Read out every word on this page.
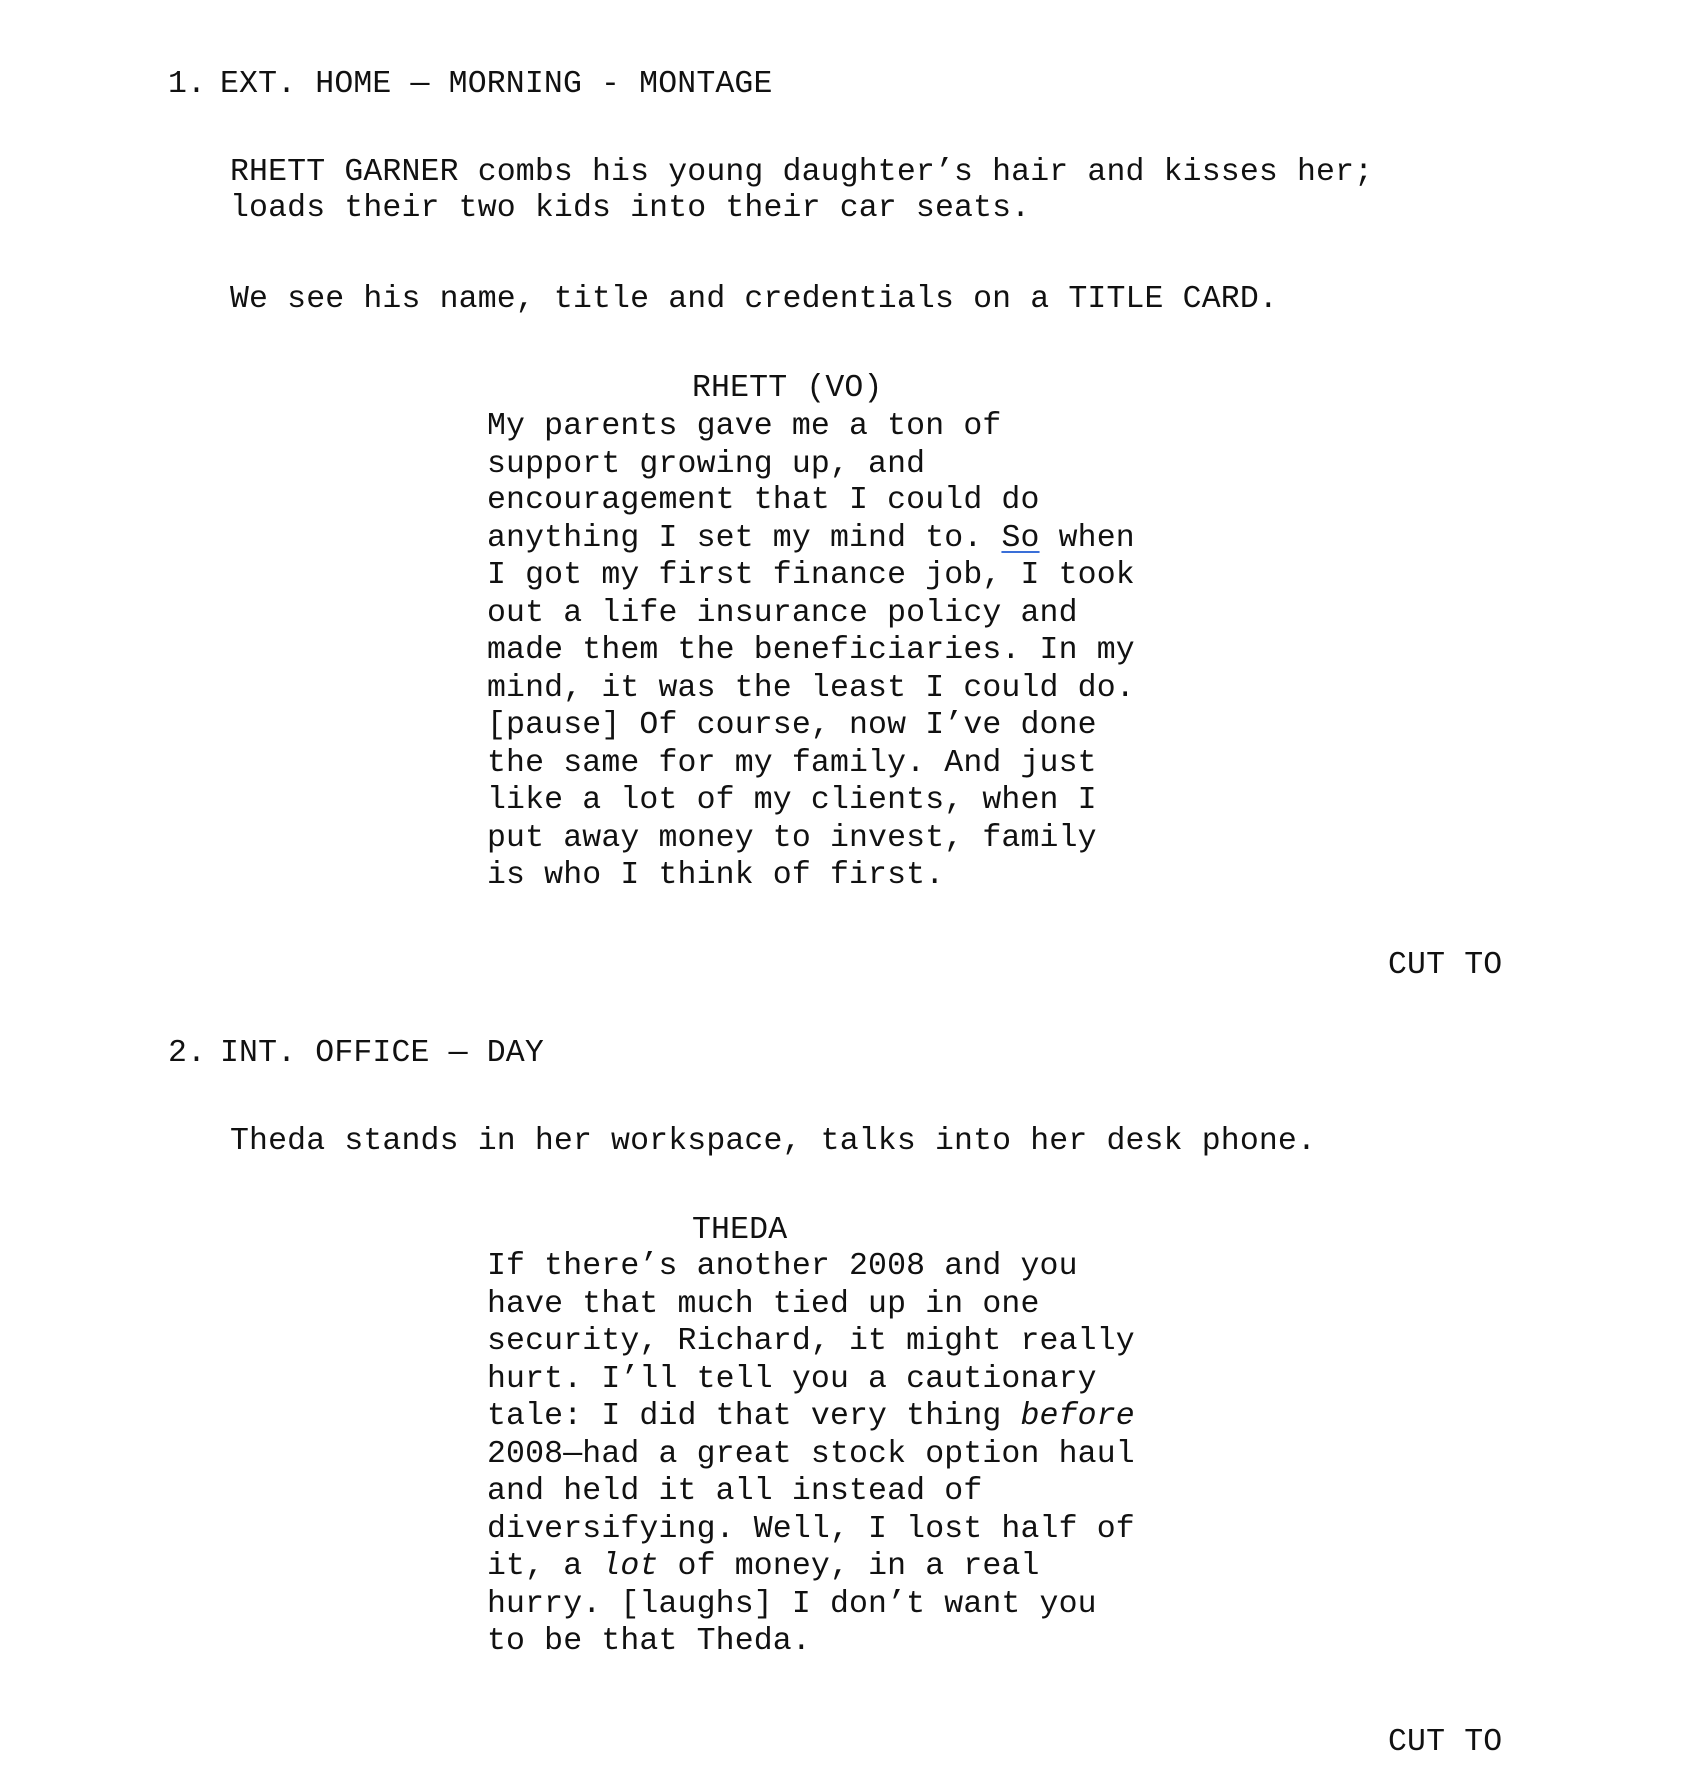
1. EXT. HOME — MORNING - MONTAGE
RHETT GARNER combs his young daughter’s hair and kisses her;
loads their two kids into their car seats.
We see his name, title and credentials on a TITLE CARD.
RHETT (VO)
My parents gave me a ton of
support growing up, and
encouragement that I could do
anything I set my mind to. So when
I got my first finance job, I took
out a life insurance policy and
made them the beneficiaries. In my
mind, it was the least I could do.
[pause] Of course, now I’ve done
the same for my family. And just
like a lot of my clients, when I
put away money to invest, family
is who I think of first.
CUT TO
2. INT. OFFICE — DAY
Theda stands in her workspace, talks into her desk phone.
THEDA
If there’s another 2008 and you
have that much tied up in one
security, Richard, it might really
hurt. I’ll tell you a cautionary
tale: I did that very thing before
2008—had a great stock option haul
and held it all instead of
diversifying. Well, I lost half of
it, a lot of money, in a real
hurry. [laughs] I don’t want you
to be that Theda.
CUT TO
